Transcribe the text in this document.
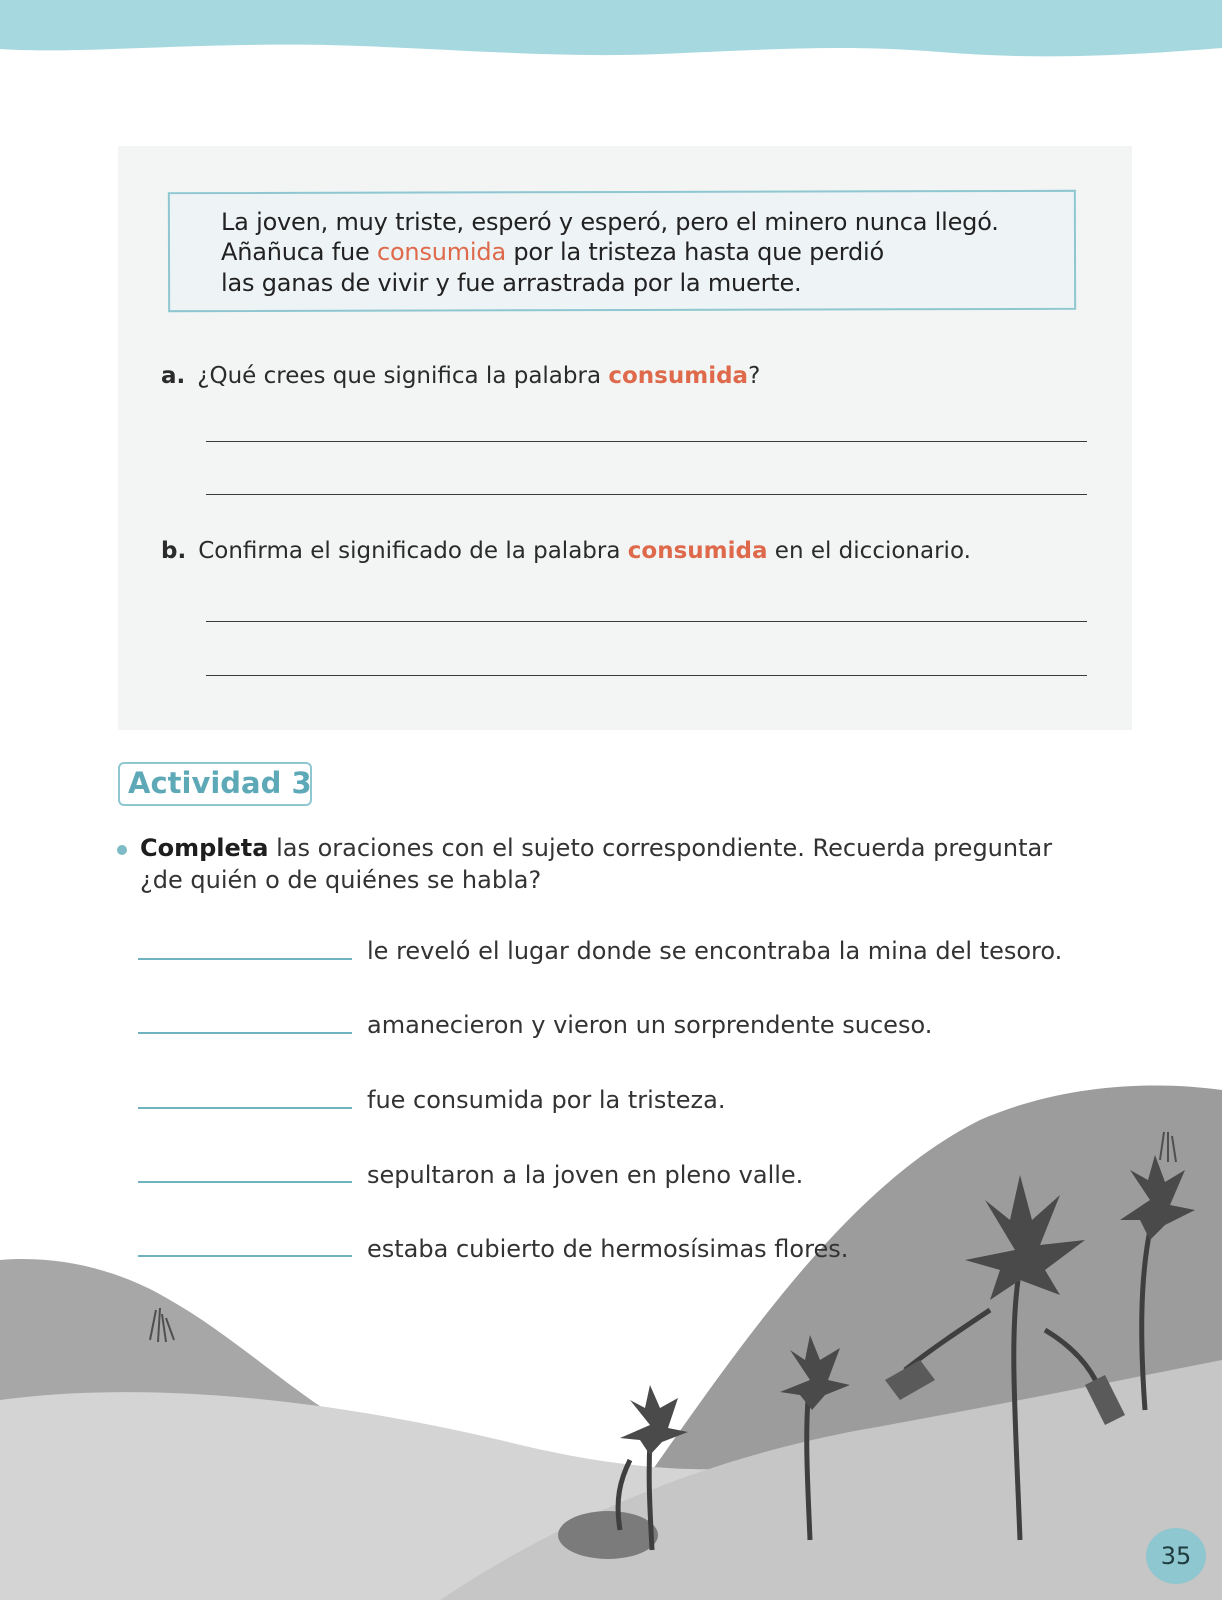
La joven, muy triste, esperó y esperó, pero el minero nunca llegó.
Añañuca fue consumida por la tristeza hasta que perdió
las ganas de vivir y fue arrastrada por la muerte.
a. ¿Qué crees que significa la palabra consumida?
b. Confirma el significado de la palabra consumida en el diccionario.
Actividad 3
Completa las oraciones con el sujeto correspondiente. Recuerda preguntar
¿de quién o de quiénes se habla?
le reveló el lugar donde se encontraba la mina del tesoro.
amanecieron y vieron un sorprendente suceso.
fue consumida por la tristeza.
sepultaron a la joven en pleno valle.
estaba cubierto de hermosísimas flores.
35
